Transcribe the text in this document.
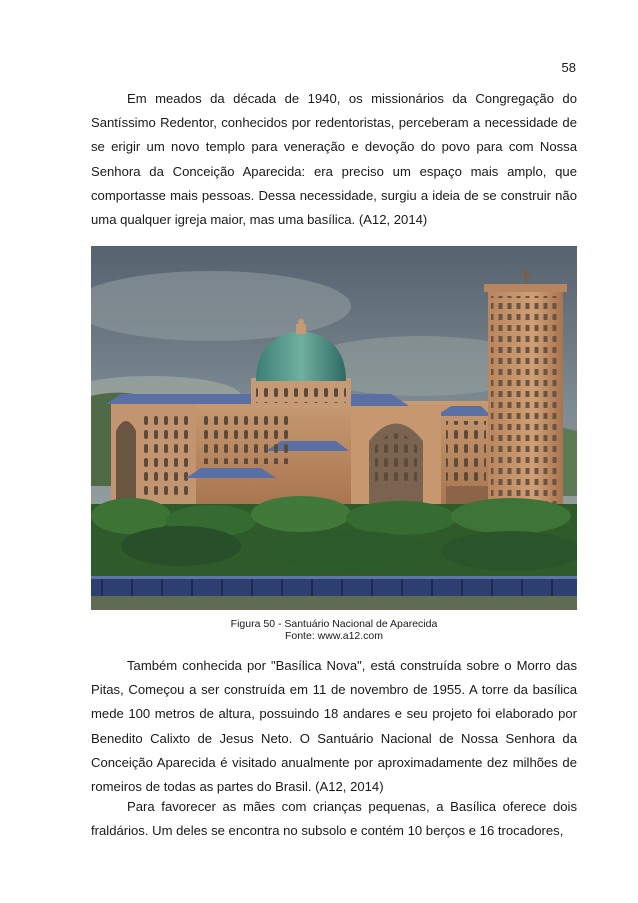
58

Em meados da década de 1940, os missionários da Congregação do Santíssimo Redentor, conhecidos por redentoristas, perceberam a necessidade de se erigir um novo templo para veneração e devoção do povo para com Nossa Senhora da Conceição Aparecida: era preciso um espaço mais amplo, que comportasse mais pessoas. Dessa necessidade, surgiu a ideia de se construir não uma qualquer igreja maior, mas uma basílica. (A12, 2014)

Figura 50 - Santuário Nacional de Aparecida
Fonte: www.a12.com

Também conhecida por "Basílica Nova", está construída sobre o Morro das Pitas, Começou a ser construída em 11 de novembro de 1955. A torre da basílica mede 100 metros de altura, possuindo 18 andares e seu projeto foi elaborado por Benedito Calixto de Jesus Neto. O Santuário Nacional de Nossa Senhora da Conceição Aparecida é visitado anualmente por aproximadamente dez milhões de romeiros de todas as partes do Brasil. (A12, 2014)

Para favorecer as mães com crianças pequenas, a Basílica oferece dois fraldários. Um deles se encontra no subsolo e contém 10 berços e 16 trocadores,
